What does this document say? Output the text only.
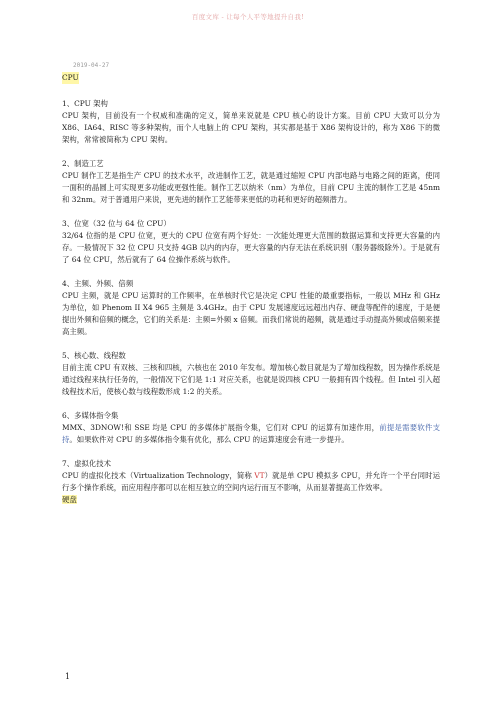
百度文库 - 让每个人平等地提升自我!
2019-04-27
CPU

1、CPU 架构

CPU 架构，目前没有一个权威和准确的定义，简单来说就是 CPU 核心的设计方案。目前 CPU 大致可以分为 X86、IA64、RISC 等多种架构，而个人电脑上的 CPU 架构，其实都是基于 X86 架构设计的，称为 X86 下的微架构，常常被简称为 CPU 架构。

2、制造工艺

CPU 制作工艺是指生产 CPU 的技术水平，改进制作工艺，就是通过缩短 CPU 内部电路与电路之间的距离，使同一面积的晶圆上可实现更多功能或更强性能。制作工艺以纳米（nm）为单位，目前 CPU 主流的制作工艺是 45nm 和 32nm。对于普通用户来说，更先进的制作工艺能带来更低的功耗和更好的超频潜力。

3、位宽（32 位与 64 位 CPU）

32/64 位指的是 CPU 位宽，更大的 CPU 位宽有两个好处：一次能处理更大范围的数据运算和支持更大容量的内存。一般情况下 32 位 CPU 只支持 4GB 以内的内存，更大容量的内存无法在系统识别（服务器级除外）。于是就有了 64 位 CPU，然后就有了 64 位操作系统与软件。

4、主频、外频、倍频

CPU 主频，就是 CPU 运算时的工作频率，在单核时代它是决定 CPU 性能的最重要指标，一般以 MHz 和 GHz 为单位，如 Phenom II X4 965 主频是 3.4GHz。由于 CPU 发展速度远远超出内存、硬盘等配件的速度，于是便提出外频和倍频的概念，它们的关系是：主频=外频 x 倍频。而我们常说的超频，就是通过手动提高外频或倍频来提高主频。

5、核心数、线程数

目前主流 CPU 有双核、三核和四核，六核也在 2010 年发布。增加核心数目就是为了增加线程数，因为操作系统是通过线程来执行任务的，一般情况下它们是 1:1 对应关系，也就是说四核 CPU 一般拥有四个线程。但 Intel 引入超线程技术后，使核心数与线程数形成 1:2 的关系。

6、多媒体指令集

MMX、3DNOW!和 SSE 均是 CPU 的多媒体扩展指令集，它们对 CPU 的运算有加速作用，前提是需要软件支持。如果软件对 CPU 的多媒体指令集有优化，那么 CPU 的运算速度会有进一步提升。

7、虚拟化技术

CPU 的虚拟化技术（Virtualization Technology，简称 VT）就是单 CPU 模拟多 CPU，并允许一个平台同时运行多个操作系统，而应用程序都可以在相互独立的空间内运行而互不影响，从而显著提高工作效率。

硬盘
1
